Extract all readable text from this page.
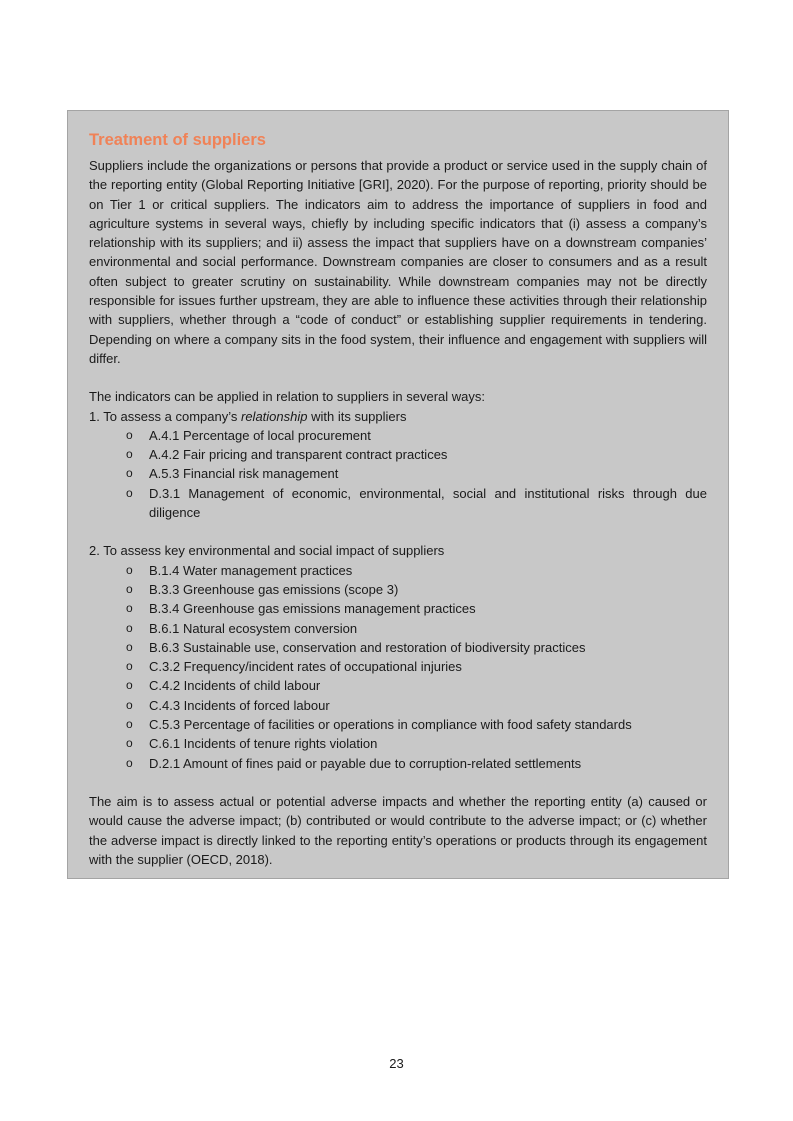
Treatment of suppliers

Suppliers include the organizations or persons that provide a product or service used in the supply chain of the reporting entity (Global Reporting Initiative [GRI], 2020). For the purpose of reporting, priority should be on Tier 1 or critical suppliers. The indicators aim to address the importance of suppliers in food and agriculture systems in several ways, chiefly by including specific indicators that (i) assess a company’s relationship with its suppliers; and ii) assess the impact that suppliers have on a downstream companies’ environmental and social performance. Downstream companies are closer to consumers and as a result often subject to greater scrutiny on sustainability. While downstream companies may not be directly responsible for issues further upstream, they are able to influence these activities through their relationship with suppliers, whether through a “code of conduct” or establishing supplier requirements in tendering. Depending on where a company sits in the food system, their influence and engagement with suppliers will differ.

The indicators can be applied in relation to suppliers in several ways:

1. To assess a company’s relationship with its suppliers

o A.4.1 Percentage of local procurement
o A.4.2 Fair pricing and transparent contract practices
o A.5.3 Financial risk management
o D.3.1 Management of economic, environmental, social and institutional risks through due diligence

2. To assess key environmental and social impact of suppliers

o B.1.4 Water management practices
o B.3.3 Greenhouse gas emissions (scope 3)
o B.3.4 Greenhouse gas emissions management practices
o B.6.1 Natural ecosystem conversion
o B.6.3 Sustainable use, conservation and restoration of biodiversity practices
o C.3.2 Frequency/incident rates of occupational injuries
o C.4.2 Incidents of child labour
o C.4.3 Incidents of forced labour
o C.5.3 Percentage of facilities or operations in compliance with food safety standards
o C.6.1 Incidents of tenure rights violation
o D.2.1 Amount of fines paid or payable due to corruption-related settlements

The aim is to assess actual or potential adverse impacts and whether the reporting entity (a) caused or would cause the adverse impact; (b) contributed or would contribute to the adverse impact; or (c) whether the adverse impact is directly linked to the reporting entity’s operations or products through its engagement with the supplier (OECD, 2018).

23
